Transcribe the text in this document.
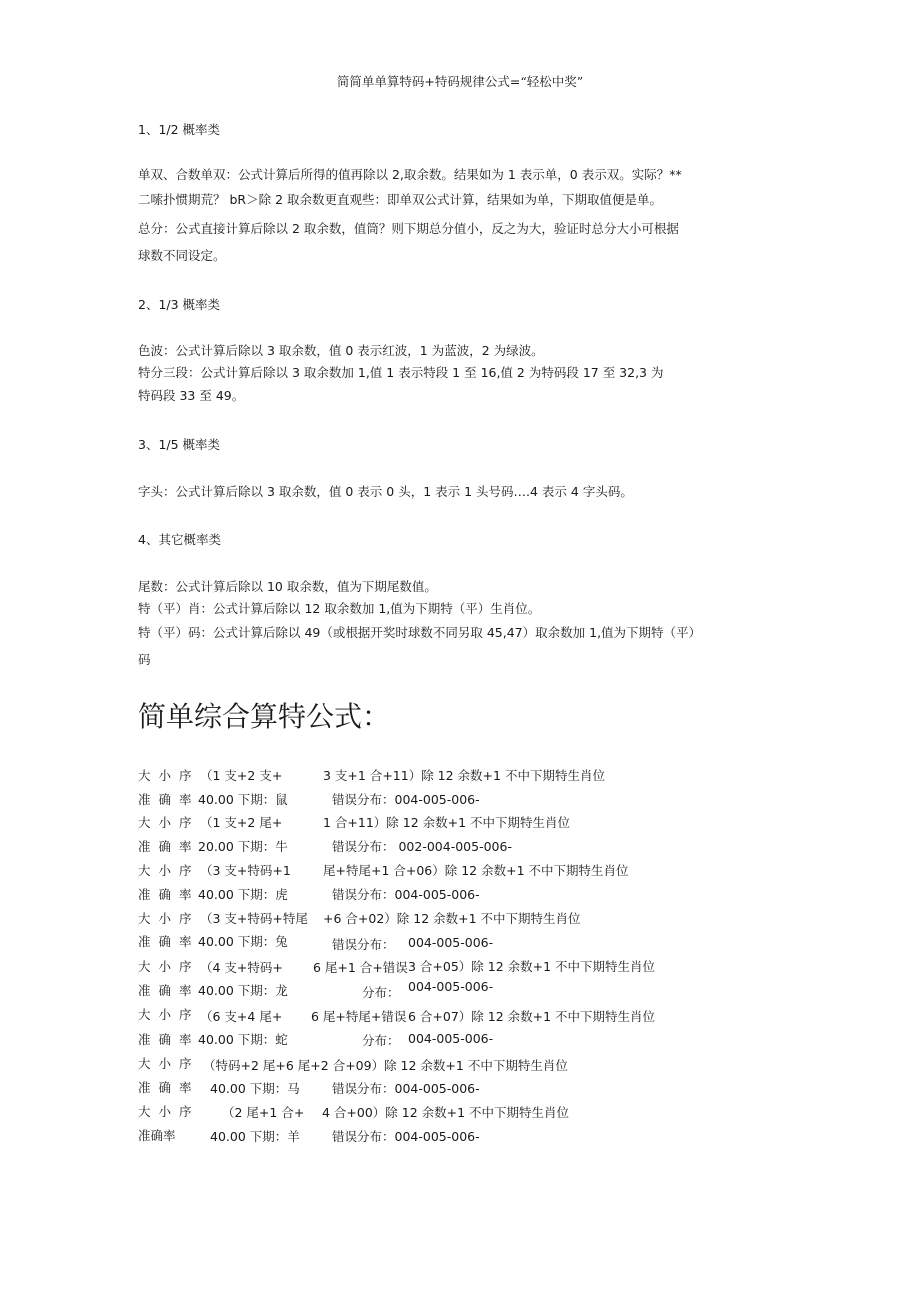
简简单单算特码+特码规律公式=“轻松中奖”
1、1/2 概率类
单双、合数单双：公式计算后所得的值再除以 2,取余数。结果如为 1 表示单，0 表示双。实际？**
二嗦扑惯期荒？ bR＞除 2 取余数更直观些：即单双公式计算，结果如为单，下期取值便是单。
总分：公式直接计算后除以 2 取余数，值筒？则下期总分值小，反之为大，验证时总分大小可根据
球数不同设定。
2、1/3 概率类
色波：公式计算后除以 3 取余数，值 0 表示红波，1 为蓝波，2 为绿波。
特分三段：公式计算后除以 3 取余数加 1,值 1 表示特段 1 至 16,值 2 为特码段 17 至 32,3 为
特码段 33 至 49。
3、1/5 概率类
字头：公式计算后除以 3 取余数，值 0 表示 0 头，1 表示 1 头号码….4 表示 4 字头码。
4、其它概率类
尾数：公式计算后除以 10 取余数，值为下期尾数值。
特（平）肖：公式计算后除以 12 取余数加 1,值为下期特（平）生肖位。
特（平）码：公式计算后除以 49（或根据开奖时球数不同另取 45,47）取余数加 1,值为下期特（平）
码
简单综合算特公式：
大 小 序 （1 支+2 支+	3 支+1 合+11）除 12 余数+1 不中下期特生肖位
准 确 率 40.00 下期：鼠	错误分布：004-005-006-
大 小 序 （1 支+2 尾+	1 合+11）除 12 余数+1 不中下期特生肖位
准 确 率 20.00 下期：牛	错误分布： 002-004-005-006-
大 小 序 （3 支+特码+1	尾+特尾+1 合+06）除 12 余数+1 不中下期特生肖位
准 确 率 40.00 下期：虎	错误分布：004-005-006-
大 小 序 （3 支+特码+特尾 +6 合+02）除 12 余数+1 不中下期特生肖位
准 确 率 40.00 下期：兔	错误分布： 004-005-006-
大 小 序 （4 支+特码+ 6 尾+1 合+错误 3 合+05）除 12 余数+1 不中下期特生肖位
准 确 率 40.00 下期：龙	分布： 004-005-006-
大 小 序 （6 支+4 尾+ 6 尾+特尾+错误 6 合+07）除 12 余数+1 不中下期特生肖位
准 确 率 40.00 下期：蛇	分布： 004-005-006-
大 小 序 （特码+2 尾+6 尾+2 合+09）除 12 余数+1 不中下期特生肖位
准 确 率 40.00 下期：马	错误分布：004-005-006-
大 小 序 （2 尾+1 合+ 4 合+00）除 12 余数+1 不中下期特生肖位
准确率	40.00 下期：羊	错误分布：004-005-006-
